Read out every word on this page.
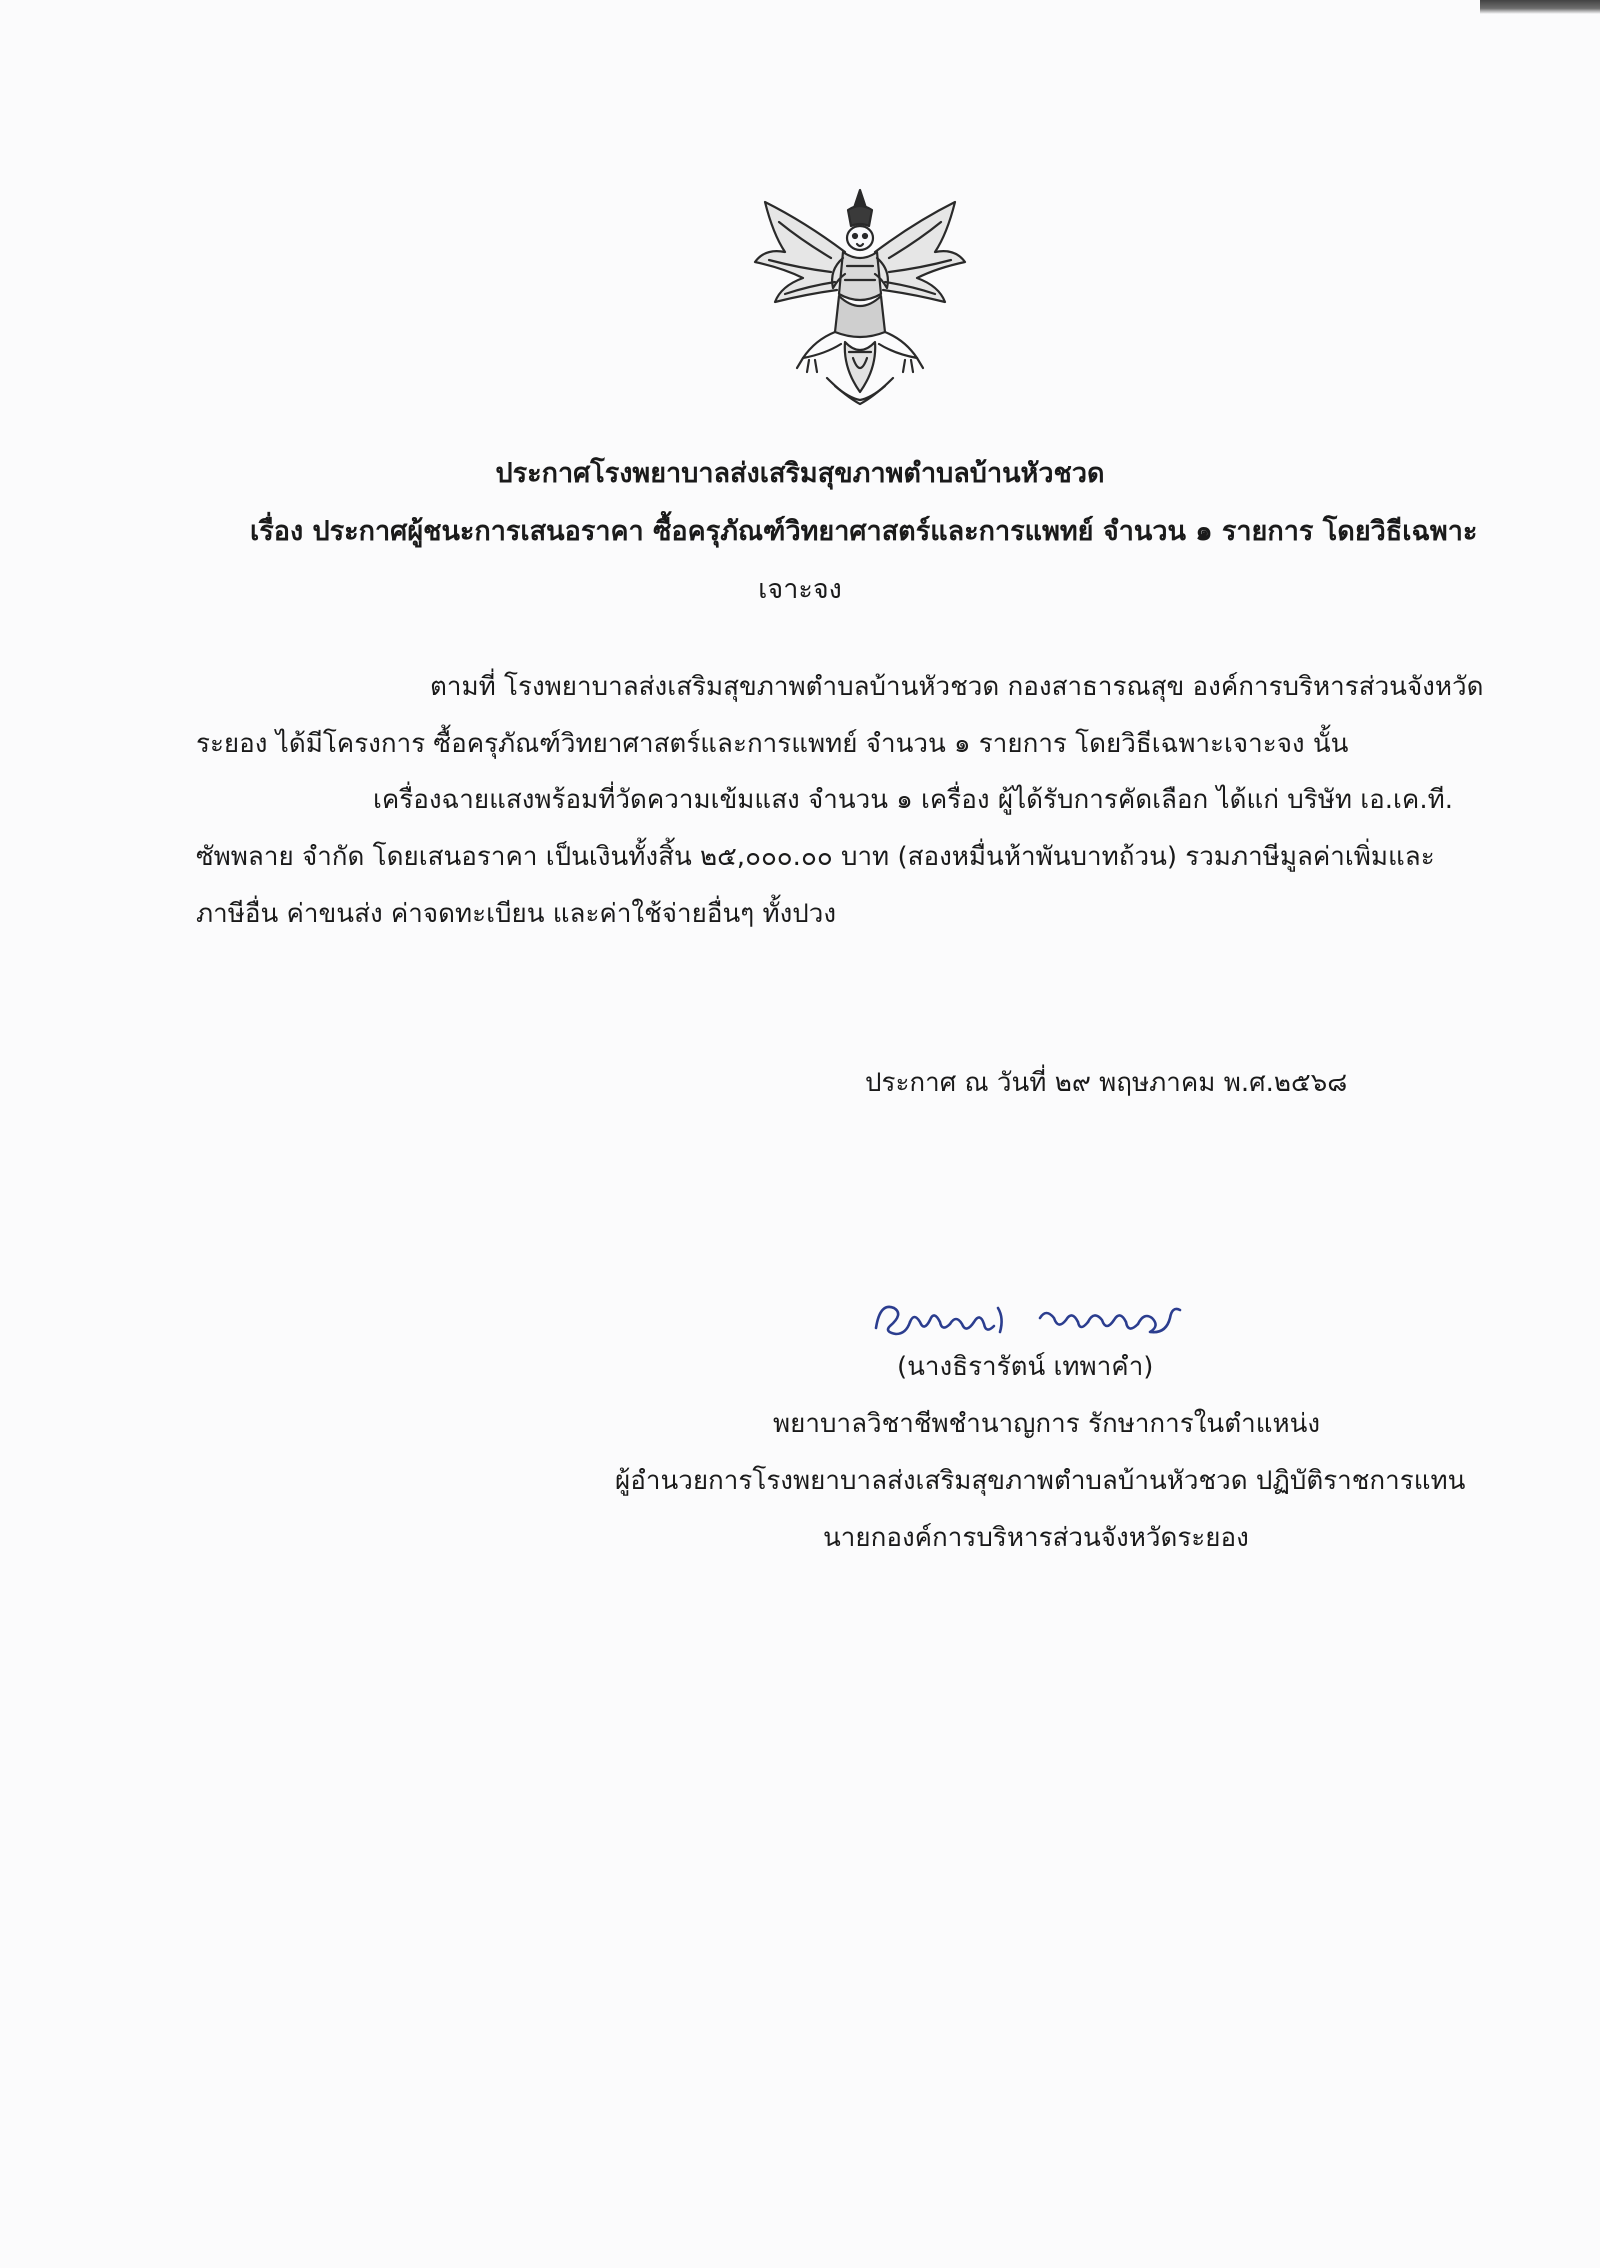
ประกาศโรงพยาบาลส่งเสริมสุขภาพตำบลบ้านหัวชวด
เรื่อง ประกาศผู้ชนะการเสนอราคา ซื้อครุภัณฑ์วิทยาศาสตร์และการแพทย์ จำนวน ๑ รายการ โดยวิธีเฉพาะ
เจาะจง
ตามที่ โรงพยาบาลส่งเสริมสุขภาพตำบลบ้านหัวชวด กองสาธารณสุข องค์การบริหารส่วนจังหวัด
ระยอง ได้มีโครงการ ซื้อครุภัณฑ์วิทยาศาสตร์และการแพทย์ จำนวน ๑ รายการ โดยวิธีเฉพาะเจาะจง นั้น
เครื่องฉายแสงพร้อมที่วัดความเข้มแสง จำนวน ๑ เครื่อง ผู้ได้รับการคัดเลือก ได้แก่ บริษัท เอ.เค.ที.
ซัพพลาย จำกัด โดยเสนอราคา เป็นเงินทั้งสิ้น ๒๕,๐๐๐.๐๐ บาท (สองหมื่นห้าพันบาทถ้วน) รวมภาษีมูลค่าเพิ่มและ
ภาษีอื่น ค่าขนส่ง ค่าจดทะเบียน และค่าใช้จ่ายอื่นๆ ทั้งปวง
ประกาศ ณ วันที่ ๒๙ พฤษภาคม พ.ศ.๒๕๖๘
(นางธิรารัตน์ เทพาคำ)
พยาบาลวิชาชีพชำนาญการ รักษาการในตำแหน่ง
ผู้อำนวยการโรงพยาบาลส่งเสริมสุขภาพตำบลบ้านหัวชวด ปฏิบัติราชการแทน
นายกองค์การบริหารส่วนจังหวัดระยอง
